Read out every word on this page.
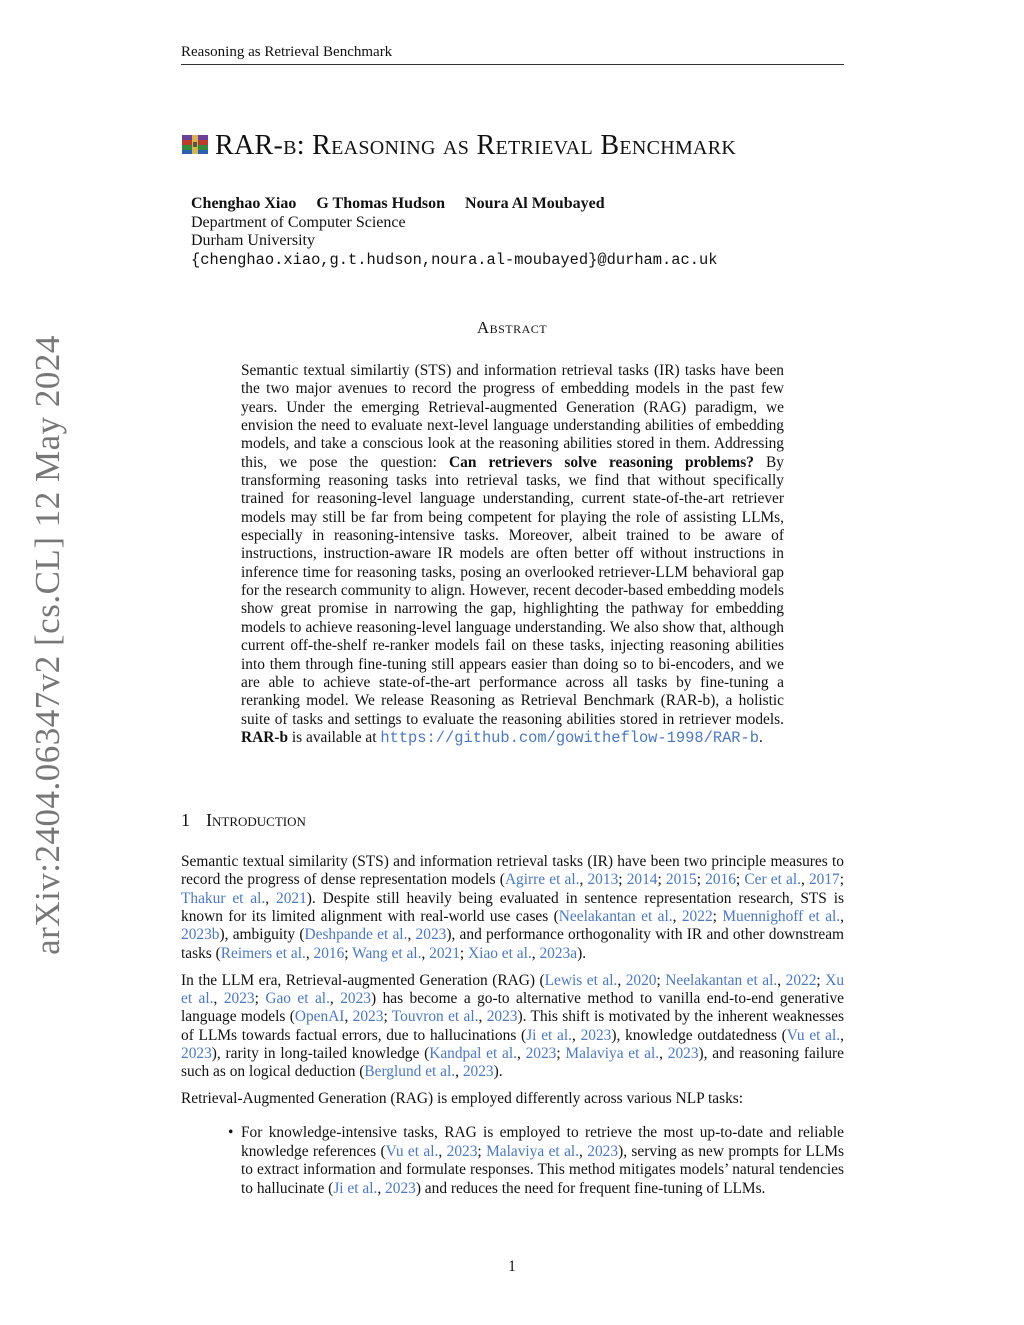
Reasoning as Retrieval Benchmark
arXiv:2404.06347v2 [cs.CL] 12 May 2024
RAR-b: Reasoning as Retrieval Benchmark
Chenghao Xiao G Thomas Hudson Noura Al Moubayed
Department of Computer Science
Durham University
{chenghao.xiao,g.t.hudson,noura.al-moubayed}@durham.ac.uk
Abstract
Semantic textual similartiy (STS) and information retrieval tasks (IR) tasks have been the two major avenues to record the progress of embedding models in the past few years. Under the emerging Retrieval-augmented Generation (RAG) paradigm, we envision the need to evaluate next-level language understanding abilities of embedding models, and take a conscious look at the reasoning abilities stored in them. Addressing this, we pose the question: Can retrievers solve reasoning problems? By transforming reasoning tasks into retrieval tasks, we find that without specifically trained for reasoning-level language understanding, current state-of-the-art retriever models may still be far from being competent for playing the role of assisting LLMs, especially in reasoning-intensive tasks. Moreover, albeit trained to be aware of instructions, instruction-aware IR models are often better off without instructions in inference time for reasoning tasks, posing an overlooked retriever-LLM behavioral gap for the research community to align. However, recent decoder-based embedding models show great promise in narrowing the gap, highlighting the pathway for embedding models to achieve reasoning-level language understanding. We also show that, although current off-the-shelf re-ranker models fail on these tasks, injecting reasoning abilities into them through fine-tuning still appears easier than doing so to bi-encoders, and we are able to achieve state-of-the-art performance across all tasks by fine-tuning a reranking model. We release Reasoning as Retrieval Benchmark (RAR-b), a holistic suite of tasks and settings to evaluate the reasoning abilities stored in retriever models. RAR-b is available at https://github.com/gowitheflow-1998/RAR-b.
1 Introduction

Semantic textual similarity (STS) and information retrieval tasks (IR) have been two principle measures to record the progress of dense representation models (Agirre et al., 2013; 2014; 2015; 2016; Cer et al., 2017; Thakur et al., 2021). Despite still heavily being evaluated in sentence representation research, STS is known for its limited alignment with real-world use cases (Neelakantan et al., 2022; Muennighoff et al., 2023b), ambiguity (Deshpande et al., 2023), and performance orthogonality with IR and other downstream tasks (Reimers et al., 2016; Wang et al., 2021; Xiao et al., 2023a).

In the LLM era, Retrieval-augmented Generation (RAG) (Lewis et al., 2020; Neelakantan et al., 2022; Xu et al., 2023; Gao et al., 2023) has become a go-to alternative method to vanilla end-to-end generative language models (OpenAI, 2023; Touvron et al., 2023). This shift is motivated by the inherent weaknesses of LLMs towards factual errors, due to hallucinations (Ji et al., 2023), knowledge outdatedness (Vu et al., 2023), rarity in long-tailed knowledge (Kandpal et al., 2023; Malaviya et al., 2023), and reasoning failure such as on logical deduction (Berglund et al., 2023).

Retrieval-Augmented Generation (RAG) is employed differently across various NLP tasks:

• For knowledge-intensive tasks, RAG is employed to retrieve the most up-to-date and reliable knowledge references (Vu et al., 2023; Malaviya et al., 2023), serving as new prompts for LLMs to extract information and formulate responses. This method mitigates models’ natural tendencies to hallucinate (Ji et al., 2023) and reduces the need for frequent fine-tuning of LLMs.
1
